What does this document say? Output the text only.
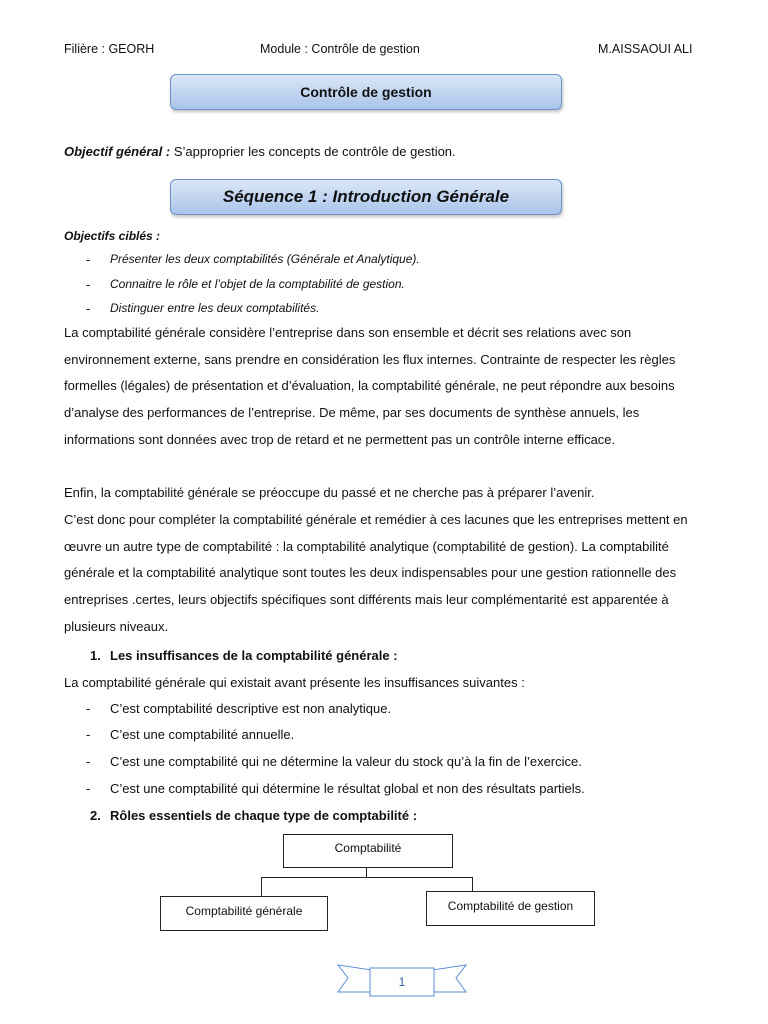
Filière : GEORH	Module : Contrôle de gestion	M.AISSAOUI ALI
Contrôle de gestion
Objectif général : S’approprier les concepts de contrôle de gestion.
Séquence 1 : Introduction Générale
Objectifs ciblés :
- Présenter les deux comptabilités (Générale et Analytique).
- Connaitre le rôle et l’objet de la comptabilité de gestion.
- Distinguer entre les deux comptabilités.

La comptabilité générale considère l’entreprise dans son ensemble et décrit ses relations avec son environnement externe, sans prendre en considération les flux internes. Contrainte de respecter les règles formelles (légales) de présentation et d’évaluation, la comptabilité générale, ne peut répondre aux besoins d’analyse des performances de l’entreprise. De même, par ses documents de synthèse annuels, les informations sont données avec trop de retard et ne permettent pas un contrôle interne efficace.

Enfin, la comptabilité générale se préoccupe du passé et ne cherche pas à préparer l’avenir.

C’est donc pour compléter la comptabilité générale et remédier à ces lacunes que les entreprises mettent en œuvre un autre type de comptabilité : la comptabilité analytique (comptabilité de gestion). La comptabilité générale et la comptabilité analytique sont toutes les deux indispensables pour une gestion rationnelle des entreprises .certes, leurs objectifs spécifiques sont différents mais leur complémentarité est apparentée à plusieurs niveaux.

1. Les insuffisances de la comptabilité générale :
La comptabilité générale qui existait avant présente les insuffisances suivantes :
- C’est comptabilité descriptive est non analytique.
- C’est une comptabilité annuelle.
- C’est une comptabilité qui ne détermine la valeur du stock qu’à la fin de l’exercice.
- C’est une comptabilité qui détermine le résultat global et non des résultats partiels.
2. Rôles essentiels de chaque type de comptabilité :
Comptabilité
Comptabilité générale	Comptabilité de gestion
1
